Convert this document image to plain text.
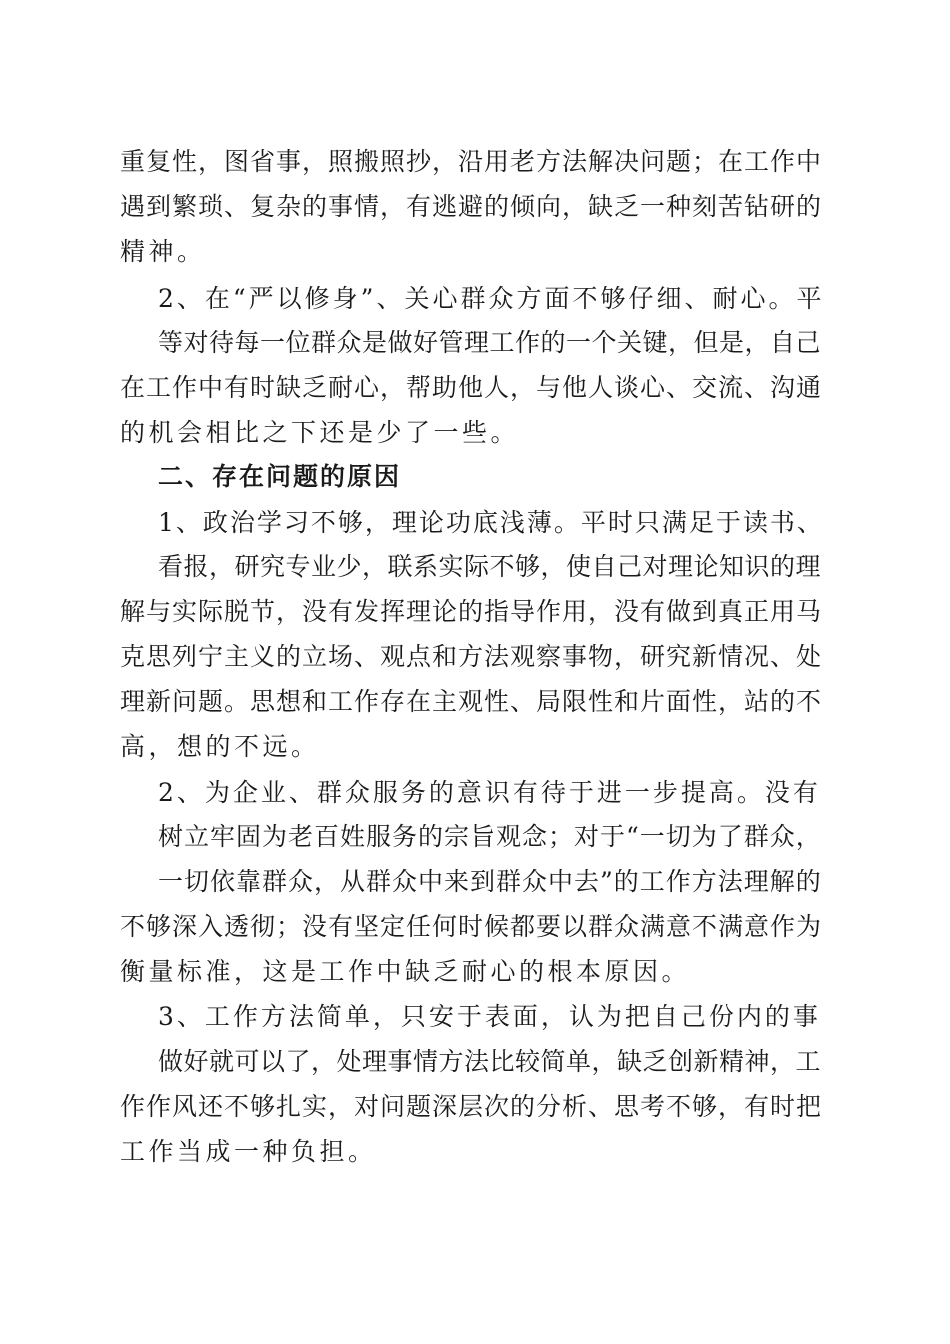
重复性，图省事，照搬照抄，沿用老方法解决问题；在工作中

遇到繁琐、复杂的事情，有逃避的倾向，缺乏一种刻苦钻研的

精神。

2、在“严以修身”、关心群众方面不够仔细、耐心。平

等对待每一位群众是做好管理工作的一个关键，但是，自己

在工作中有时缺乏耐心，帮助他人，与他人谈心、交流、沟通

的机会相比之下还是少了一些。

二、存在问题的原因

1、政治学习不够，理论功底浅薄。平时只满足于读书、

看报，研究专业少，联系实际不够，使自己对理论知识的理

解与实际脱节，没有发挥理论的指导作用，没有做到真正用马

克思列宁主义的立场、观点和方法观察事物，研究新情况、处

理新问题。思想和工作存在主观性、局限性和片面性，站的不

高，想的不远。

2、为企业、群众服务的意识有待于进一步提高。没有

树立牢固为老百姓服务的宗旨观念；对于“一切为了群众，

一切依靠群众，从群众中来到群众中去”的工作方法理解的

不够深入透彻；没有坚定任何时候都要以群众满意不满意作为

衡量标准，这是工作中缺乏耐心的根本原因。

3、工作方法简单，只安于表面，认为把自己份内的事

做好就可以了，处理事情方法比较简单，缺乏创新精神，工

作作风还不够扎实，对问题深层次的分析、思考不够，有时把

工作当成一种负担。
